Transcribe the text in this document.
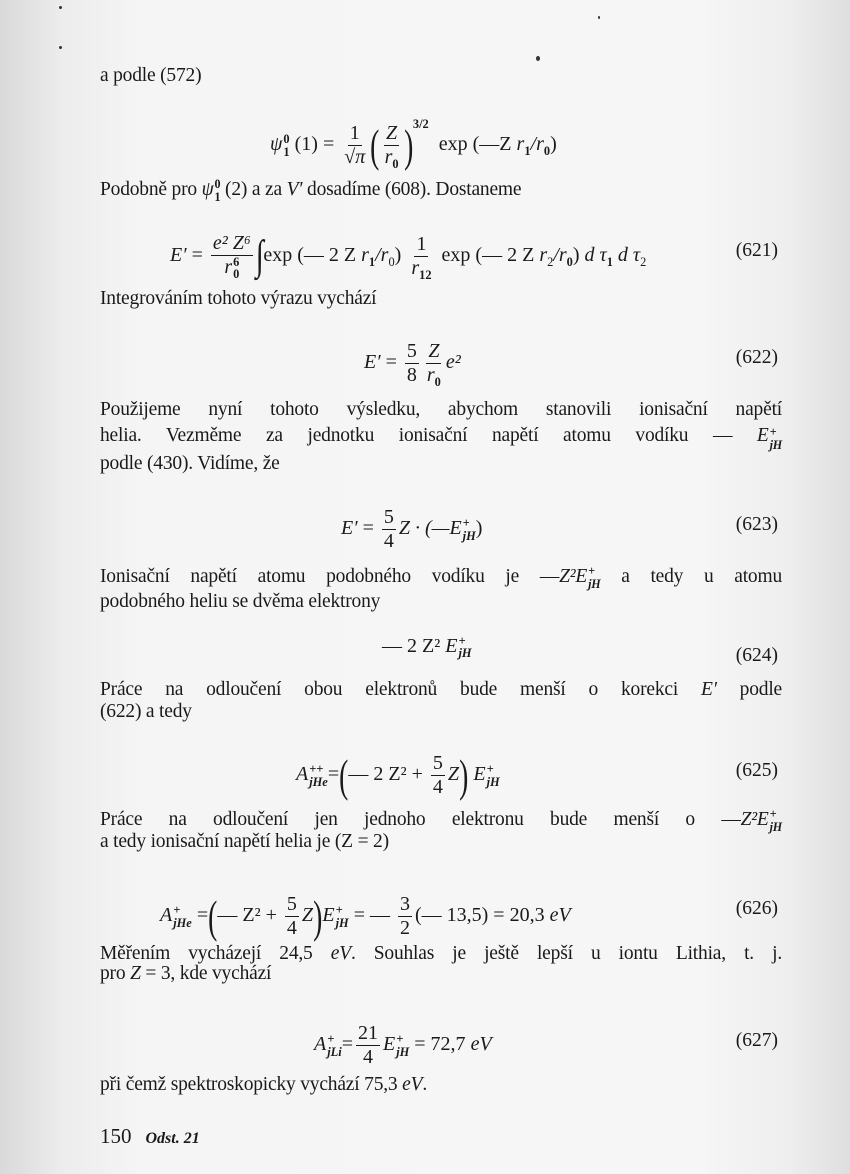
a podle (572)
ψ 0
1 $(1) = \frac{1}{√\pi}$ ( $\frac{Z}{r_0} )^{3/2}$  exp (—Z $r_1/r_0$)
Podobně pro ψ 0
1 (2) a za V′ dosadíme (608). Dostaneme
E′ = e² Z⁶
r 6
0 ∫exp (— 2 Z $r_1/r_0) \frac{1}{r_{12}}$ exp (— 2 Z $r_2/r_0$) d $\tau_1$ d $\tau_2$
(621)
Integrováním tohoto výrazu vychází
$E' = \frac{5}{8} \frac{Z}{r_0} e^2$	(622)
Použijeme nyní tohoto výsledku, abychom stanovili ionisační napětí
helia. Vezměme za jednotku ionisační napětí atomu vodíku — E +
jH
podle (430). Vidíme, že
$E' = \frac{5}{4}$ Z · (—E +
jH )	(623)
Ionisační napětí atomu podobného vodíku je —Z²E +
jH a tedy u atomu
podobného heliu se dvěma elektrony
— 2 Z² E +
jH	(624)
Práce na odloučení obou elektronů bude menší o korekci E′ podle
(622) a tedy
A ++
jHe =(— 2 $Z^2 + \frac{5}{4} Z$) E +
jH
(625)
Práce na odloučení jen jednoho elektronu bude menší o —Z²E +
jH
a tedy ionisační napětí helia je (Z = 2)
A +
jHe =(— $Z^2 + \frac{5}{4} Z)E$ +
jH = — $\frac{3}{2}$ (— 13,5) = 20,3 eV	(626)
Měřením vycházejí 24,5 eV. Souhlas je ještě lepší u iontu Lithia, t. j.
pro Z = 3, kde vychází
A +
jLi = $\frac{21}{4}$ E +
jH = 72,7 eV	(627)
při čemž spektroskopicky vychází 75,3 eV.
150 Odst. 21
